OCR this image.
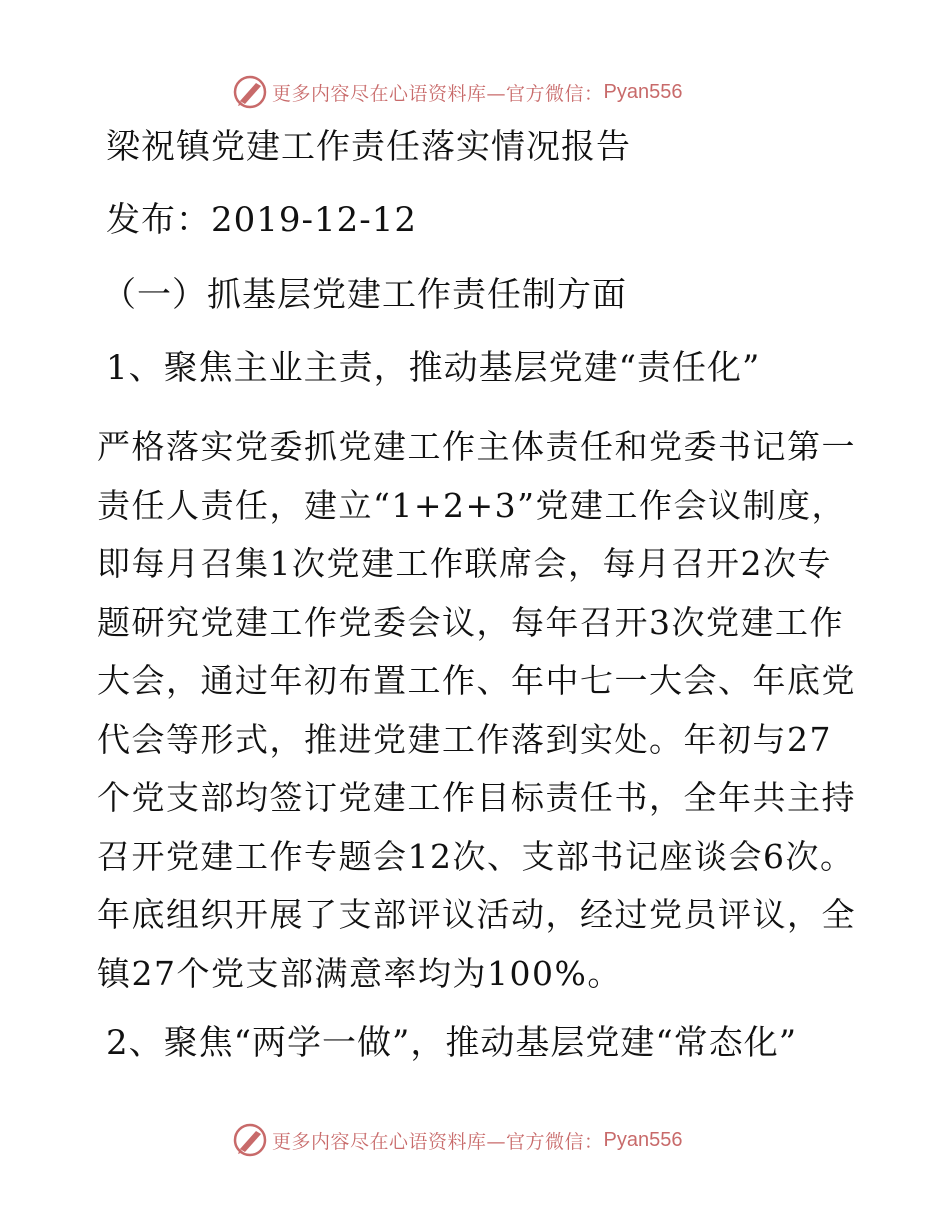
更多内容尽在心语资料库—官方微信： Pyan556

梁祝镇党建工作责任落实情况报告

发布：2019-12-12

（一）抓基层党建工作责任制方面

1、聚焦主业主责，推动基层党建“责任化”

严格落实党委抓党建工作主体责任和党委书记第一责任人责任，建立“1+2+3”党建工作会议制度，即每月召集1次党建工作联席会，每月召开2次专题研究党建工作党委会议，每年召开3次党建工作大会，通过年初布置工作、年中七一大会、年底党代会等形式，推进党建工作落到实处。年初与27个党支部均签订党建工作目标责任书，全年共主持召开党建工作专题会12次、支部书记座谈会6次。年底组织开展了支部评议活动，经过党员评议，全镇27个党支部满意率均为100%。

2、聚焦“两学一做”，推动基层党建“常态化”

更多内容尽在心语资料库—官方微信： Pyan556
